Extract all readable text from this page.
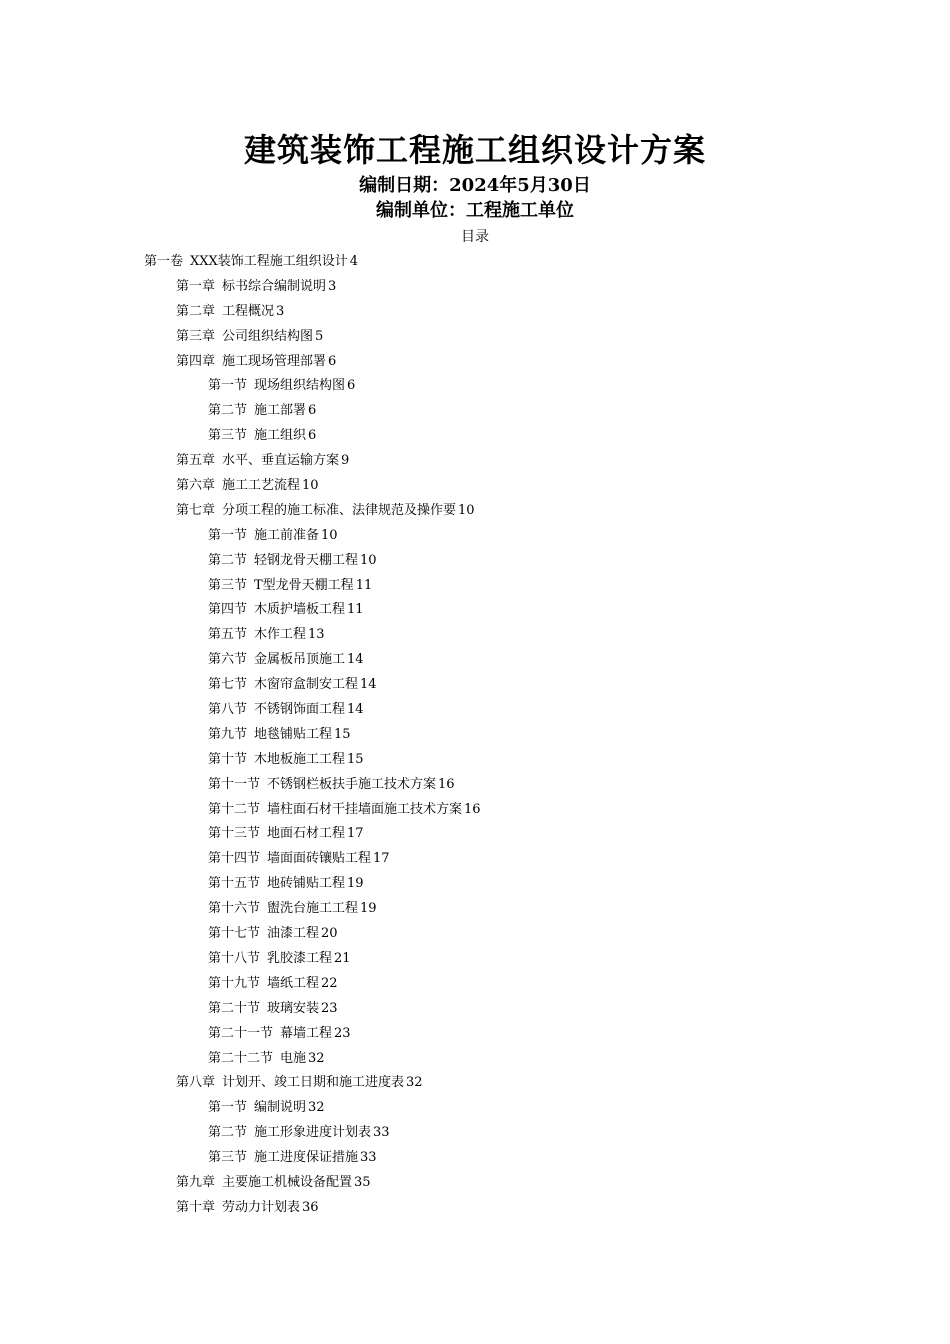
建筑装饰工程施工组织设计方案

编制日期：2024年5月30日

编制单位：工程施工单位

目录

第一卷 XXX装饰工程施工组织设计 4
第一章 标书综合编制说明 3
第二章 工程概况 3
第三章 公司组织结构图 5
第四章 施工现场管理部署 6
第一节 现场组织结构图 6
第二节 施工部署 6
第三节 施工组织 6
第五章 水平、垂直运输方案 9
第六章 施工工艺流程 10
第七章 分项工程的施工标准、法律规范及操作要 10
第一节 施工前准备 10
第二节 轻钢龙骨天棚工程 10
第三节 T型龙骨天棚工程 11
第四节 木质护墙板工程 11
第五节 木作工程 13
第六节 金属板吊顶施工 14
第七节 木窗帘盒制安工程 14
第八节 不锈钢饰面工程 14
第九节 地毯铺贴工程 15
第十节 木地板施工工程 15
第十一节 不锈钢栏板扶手施工技术方案 16
第十二节 墙柱面石材干挂墙面施工技术方案 16
第十三节 地面石材工程 17
第十四节 墙面面砖镶贴工程 17
第十五节 地砖铺贴工程 19
第十六节 盥洗台施工工程 19
第十七节 油漆工程 20
第十八节 乳胶漆工程 21
第十九节 墙纸工程 22
第二十节 玻璃安装 23
第二十一节 幕墙工程 23
第二十二节 电施 32
第八章 计划开、竣工日期和施工进度表 32
第一节 编制说明 32
第二节 施工形象进度计划表 33
第三节 施工进度保证措施 33
第九章 主要施工机械设备配置 35
第十章 劳动力计划表 36
